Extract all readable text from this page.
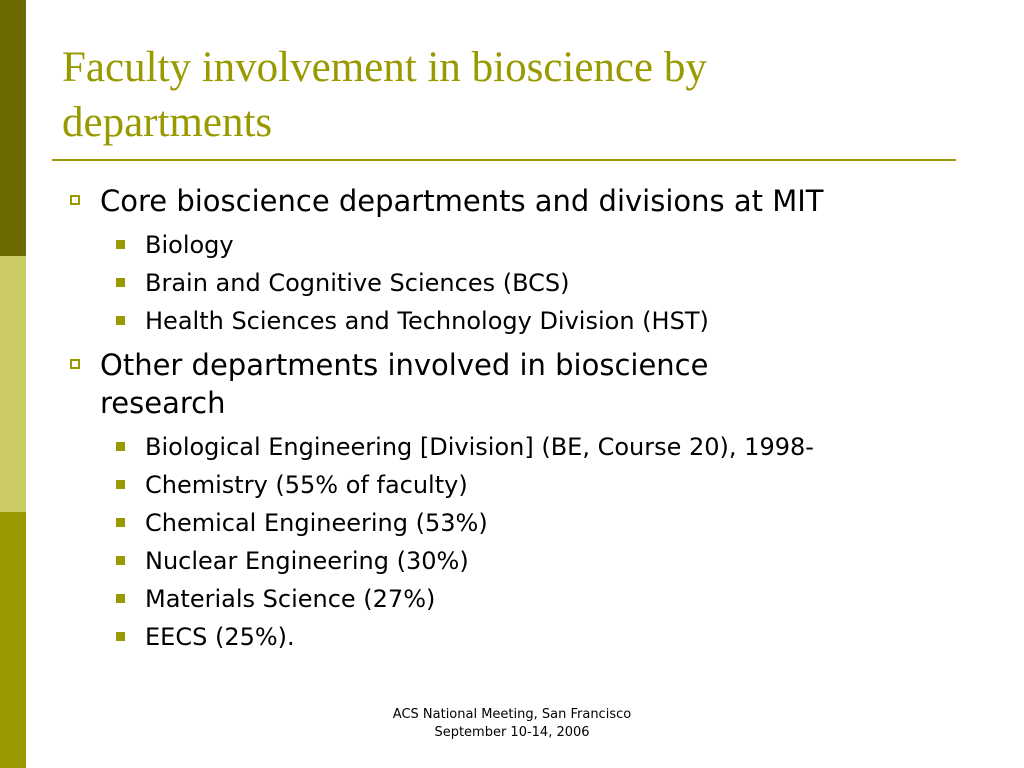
Faculty involvement in bioscience by
departments
Core bioscience departments and divisions at MIT
Biology
Brain and Cognitive Sciences (BCS)
Health Sciences and Technology Division (HST)
Other departments involved in bioscience
research
Biological Engineering [Division] (BE, Course 20), 1998-
Chemistry (55% of faculty)
Chemical Engineering (53%)
Nuclear Engineering (30%)
Materials Science (27%)
EECS (25%).
ACS National Meeting, San Francisco
September 10-14, 2006
